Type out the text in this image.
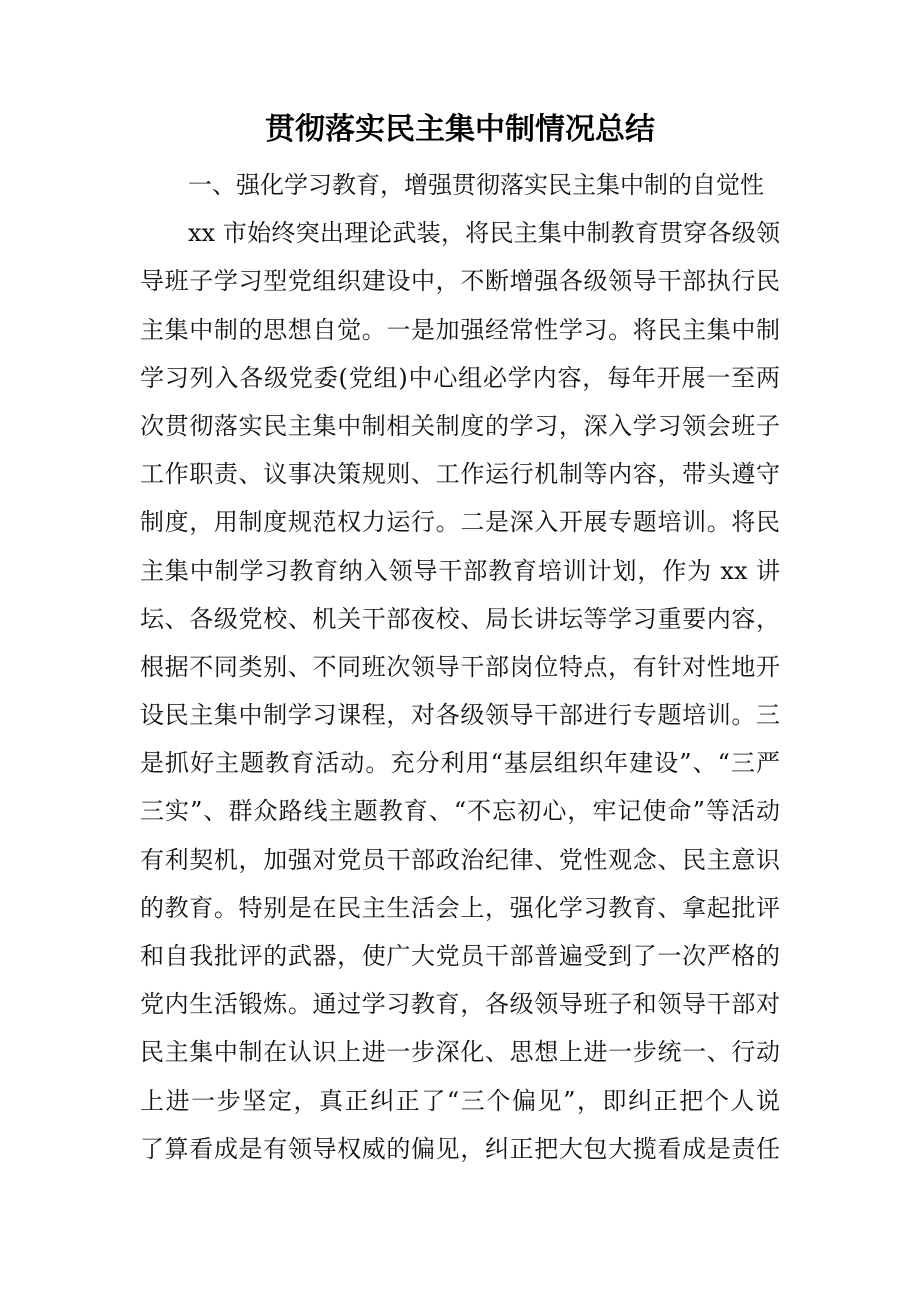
贯彻落实民主集中制情况总结
一、强化学习教育，增强贯彻落实民主集中制的自觉性
xx 市始终突出理论武装，将民主集中制教育贯穿各级领
导班子学习型党组织建设中，不断增强各级领导干部执行民
主集中制的思想自觉。一是加强经常性学习。将民主集中制
学习列入各级党委(党组)中心组必学内容，每年开展一至两
次贯彻落实民主集中制相关制度的学习，深入学习领会班子
工作职责、议事决策规则、工作运行机制等内容，带头遵守
制度，用制度规范权力运行。二是深入开展专题培训。将民
主集中制学习教育纳入领导干部教育培训计划，作为 xx 讲
坛、各级党校、机关干部夜校、局长讲坛等学习重要内容，
根据不同类别、不同班次领导干部岗位特点，有针对性地开
设民主集中制学习课程，对各级领导干部进行专题培训。三
是抓好主题教育活动。充分利用“基层组织年建设”、“三严
三实”、群众路线主题教育、“不忘初心，牢记使命”等活动
有利契机，加强对党员干部政治纪律、党性观念、民主意识
的教育。特别是在民主生活会上，强化学习教育、拿起批评
和自我批评的武器，使广大党员干部普遍受到了一次严格的
党内生活锻炼。通过学习教育，各级领导班子和领导干部对
民主集中制在认识上进一步深化、思想上进一步统一、行动
上进一步坚定，真正纠正了“三个偏见”，即纠正把个人说
了算看成是有领导权威的偏见，纠正把大包大揽看成是责任
